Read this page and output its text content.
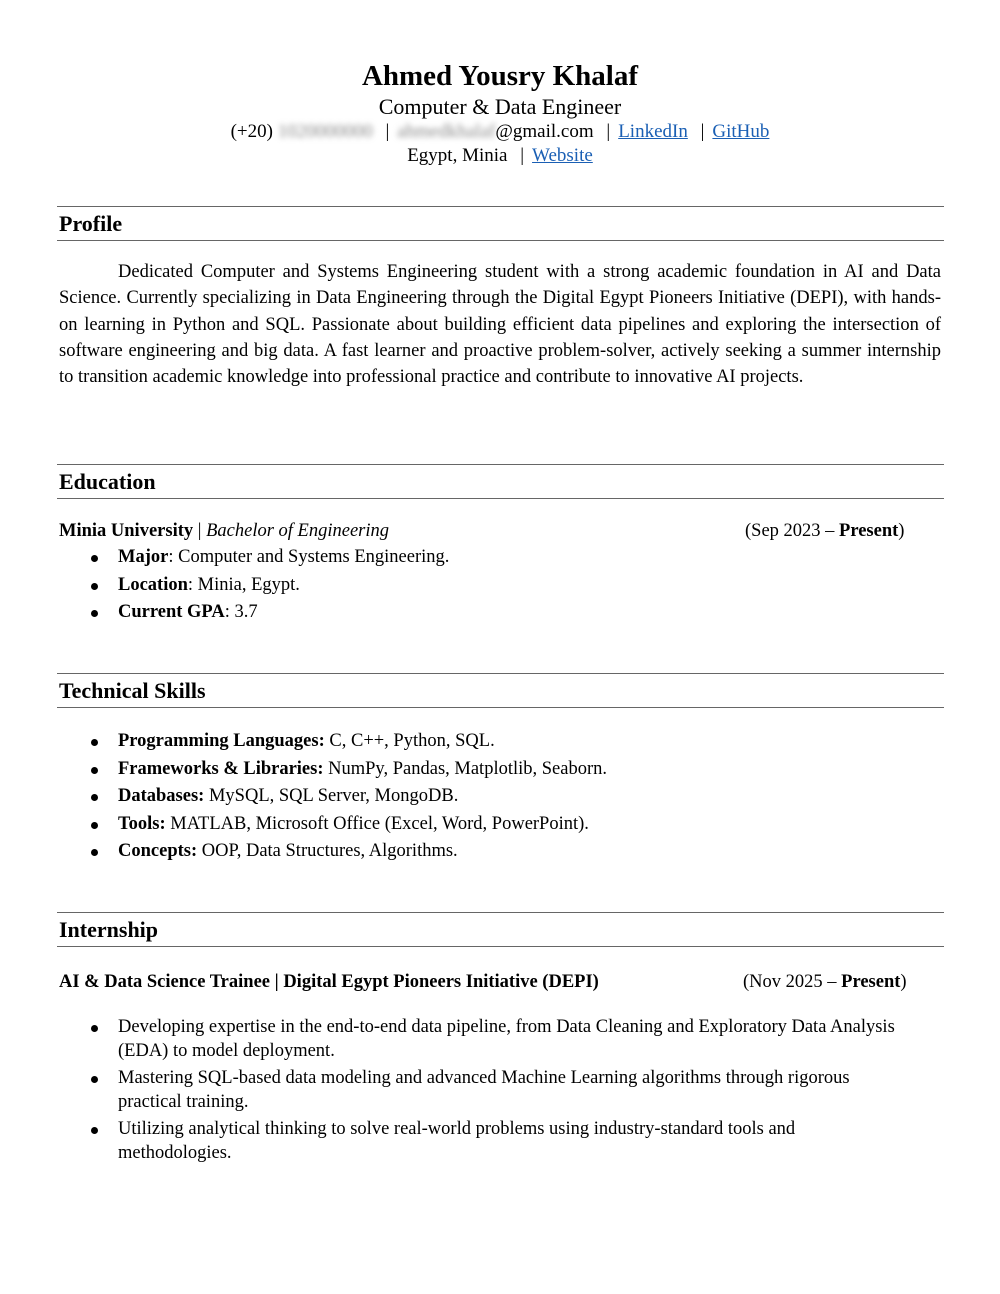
Ahmed Yousry Khalaf
Computer & Data Engineer
(+20) 1020000000 | ahmedkhalaf@gmail.com | LinkedIn | GitHub
Egypt, Minia | Website
Profile
Dedicated Computer and Systems Engineering student with a strong academic foundation in AI and Data Science. Currently specializing in Data Engineering through the Digital Egypt Pioneers Initiative (DEPI), with hands-on learning in Python and SQL. Passionate about building efficient data pipelines and exploring the intersection of software engineering and big data. A fast learner and proactive problem-solver, actively seeking a summer internship to transition academic knowledge into professional practice and contribute to innovative AI projects.
Education
Minia University | Bachelor of Engineering	(Sep 2023 – Present)
Major: Computer and Systems Engineering.
Location: Minia, Egypt.
Current GPA: 3.7
Technical Skills
Programming Languages: C, C++, Python, SQL.
Frameworks & Libraries: NumPy, Pandas, Matplotlib, Seaborn.
Databases: MySQL, SQL Server, MongoDB.
Tools: MATLAB, Microsoft Office (Excel, Word, PowerPoint).
Concepts: OOP, Data Structures, Algorithms.
Internship
AI & Data Science Trainee | Digital Egypt Pioneers Initiative (DEPI)	(Nov 2025 – Present)
Developing expertise in the end-to-end data pipeline, from Data Cleaning and Exploratory Data Analysis (EDA) to model deployment.
Mastering SQL-based data modeling and advanced Machine Learning algorithms through rigorous practical training.
Utilizing analytical thinking to solve real-world problems using industry-standard tools and methodologies.
